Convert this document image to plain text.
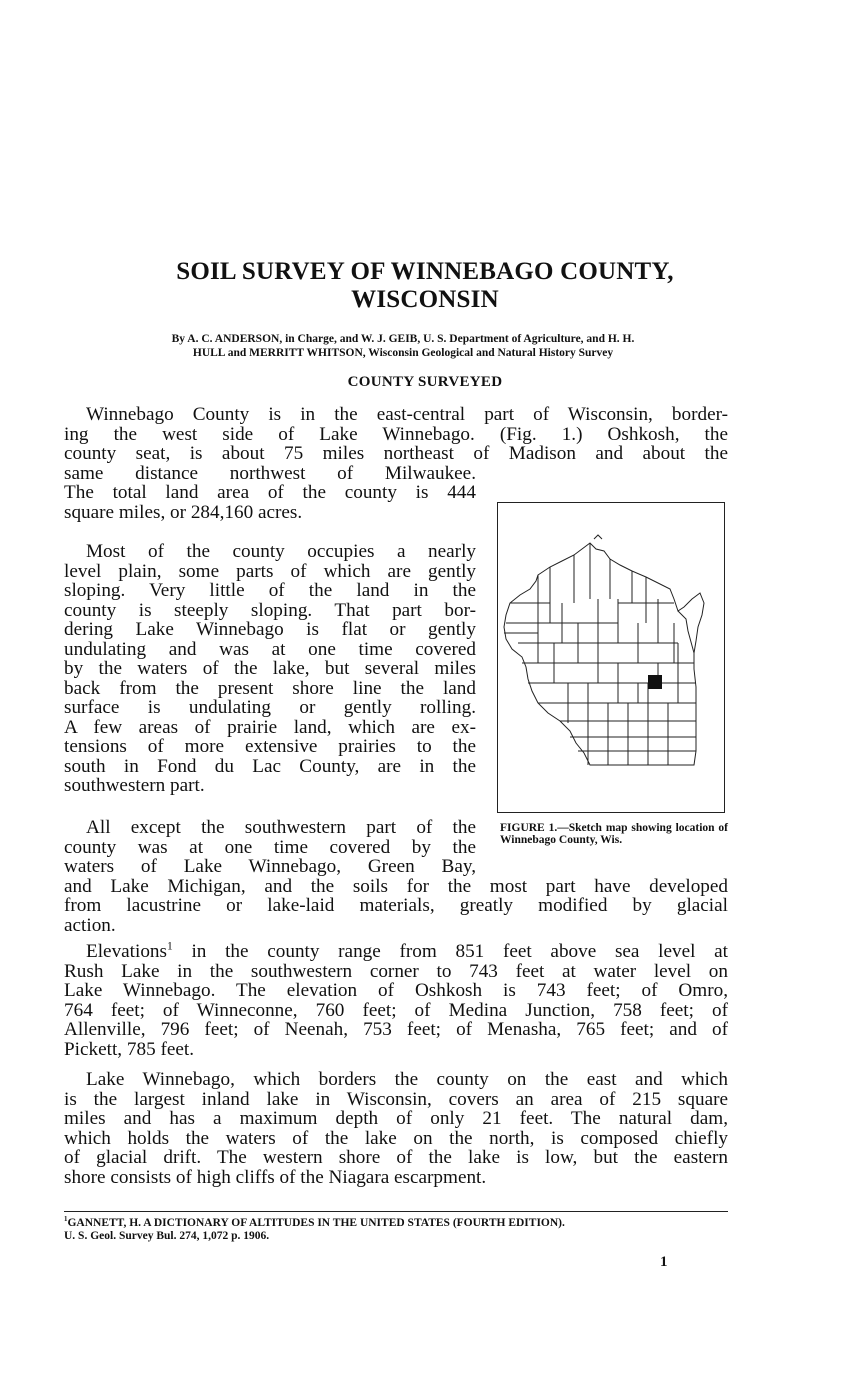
SOIL SURVEY OF WINNEBAGO COUNTY,
WISCONSIN
By A. C. ANDERSON, in Charge, and W. J. GEIB, U. S. Department of Agriculture, and H. H.
HULL and MERRITT WHITSON, Wisconsin Geological and Natural History Survey
COUNTY SURVEYED
Winnebago County is in the east-central part of Wisconsin, border-
ing the west side of Lake Winnebago. (Fig. 1.) Oshkosh, the
county seat, is about 75 miles northeast of Madison and about the
same distance northwest of Milwaukee.
The total land area of the county is 444
square miles, or 284,160 acres.
Most of the county occupies a nearly
level plain, some parts of which are gently
sloping. Very little of the land in the
county is steeply sloping. That part bor-
dering Lake Winnebago is flat or gently
undulating and was at one time covered
by the waters of the lake, but several miles
back from the present shore line the land
surface is undulating or gently rolling.
A few areas of prairie land, which are ex-
tensions of more extensive prairies to the
south in Fond du Lac County, are in the
southwestern part.
All except the southwestern part of the
county was at one time covered by the
waters of Lake Winnebago, Green Bay,
and Lake Michigan, and the soils for the most part have developed
from lacustrine or lake-laid materials, greatly modified by glacial
action.
Elevations$^1$ in the county range from 851 feet above sea level at
Rush Lake in the southwestern corner to 743 feet at water level on
Lake Winnebago. The elevation of Oshkosh is 743 feet; of Omro,
764 feet; of Winneconne, 760 feet; of Medina Junction, 758 feet; of
Allenville, 796 feet; of Neenah, 753 feet; of Menasha, 765 feet; and of
Pickett, 785 feet.
Lake Winnebago, which borders the county on the east and which
is the largest inland lake in Wisconsin, covers an area of 215 square
miles and has a maximum depth of only 21 feet. The natural dam,
which holds the waters of the lake on the north, is composed chiefly
of glacial drift. The western shore of the lake is low, but the eastern
shore consists of high cliffs of the Niagara escarpment.
FIGURE 1.—Sketch map showing location of Winnebago County, Wis.
$^1$GANNETT, H. A DICTIONARY OF ALTITUDES IN THE UNITED STATES (FOURTH EDITION).
U. S. Geol. Survey Bul. 274, 1,072 p. 1906.
1
